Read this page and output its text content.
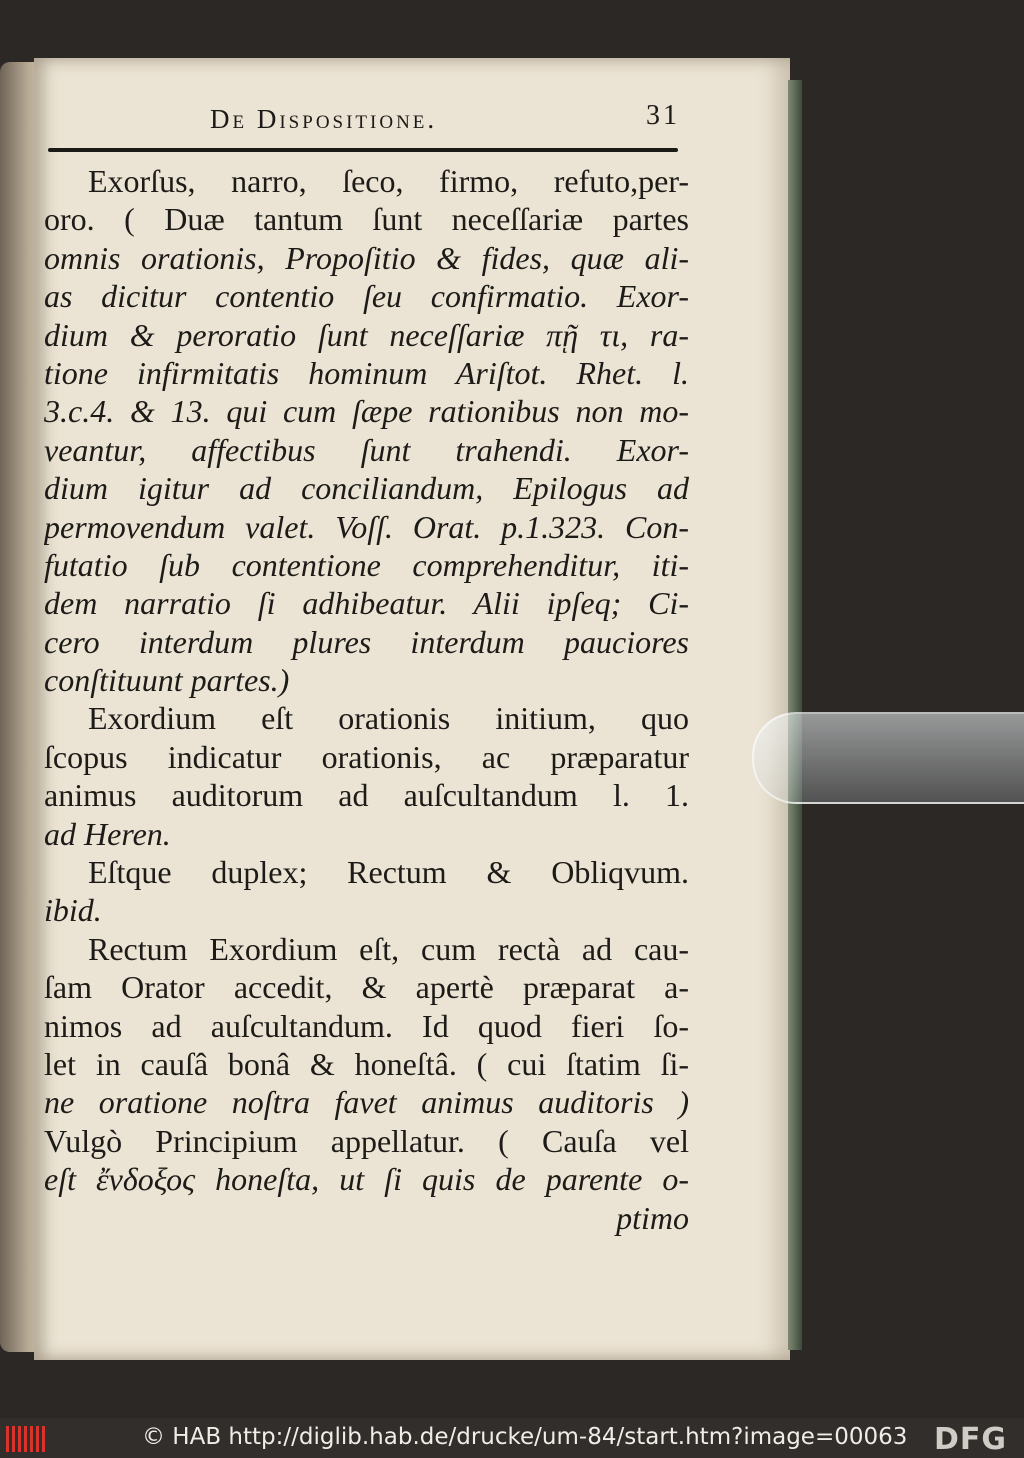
De Dispositione.	31
Exorſus, narro, ſeco, firmo, refuto,per-
oro. ( Duæ tantum ſunt neceſſariæ partes
omnis orationis, Propoſitio & fides, quæ ali-
as dicitur contentio ſeu confirmatio. Exor-
dium & peroratio ſunt neceſſariæ πῇ τι, ra-
tione infirmitatis hominum Ariſtot. Rhet. l.
3.c.4. & 13. qui cum ſæpe rationibus non mo-
veantur, affectibus ſunt trahendi. Exor-
dium igitur ad conciliandum, Epilogus ad
permovendum valet. Voſſ. Orat. p.1.323. Con-
futatio ſub contentione comprehenditur, iti-
dem narratio ſi adhibeatur. Alii ipſeq; Ci-
cero interdum plures interdum pauciores
conſtituunt partes.)
Exordium eſt orationis initium, quo
ſcopus indicatur orationis, ac præparatur
animus auditorum ad auſcultandum l. 1.
ad Heren.
Eſtque duplex; Rectum & Obliqvum.
ibid.
Rectum Exordium eſt, cum rectà ad cau-
ſam Orator accedit, & apertè præparat a-
nimos ad auſcultandum. Id quod fieri ſo-
let in cauſâ bonâ & honeſtâ. ( cui ſtatim ſi-
ne oratione noſtra favet animus auditoris )
Vulgò Principium appellatur. ( Cauſa vel
eſt ἔνδοξος honeſta, ut ſi quis de parente o-
ptimo
© HAB http://diglib.hab.de/drucke/um-84/start.htm?image=00063 DFG
